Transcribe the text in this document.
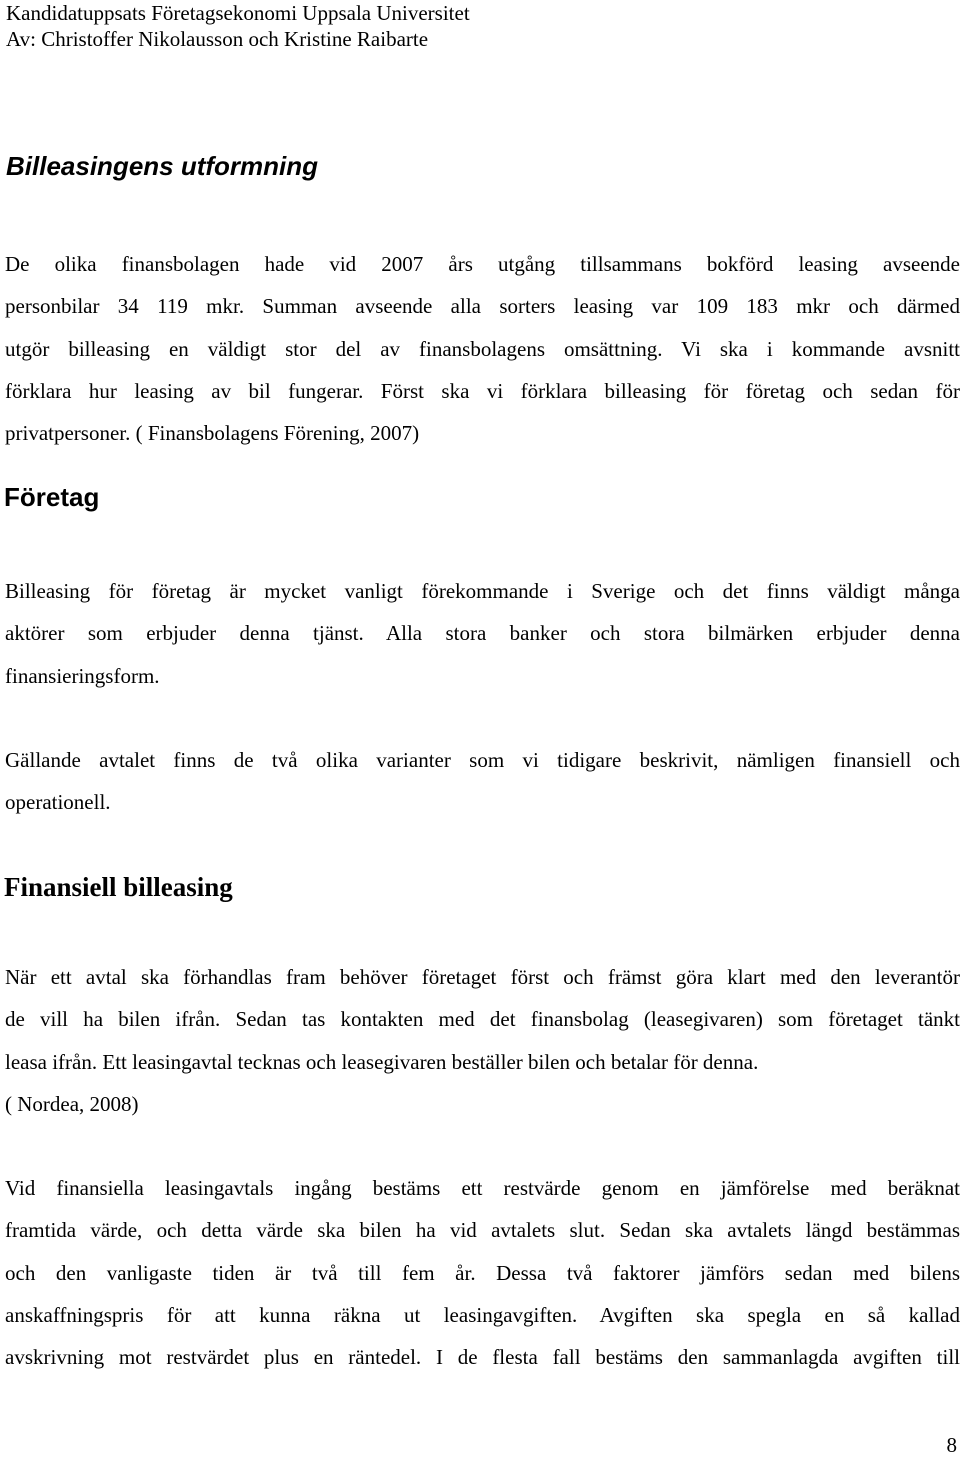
Kandidatuppsats Företagsekonomi Uppsala Universitet
Av: Christoffer Nikolausson och Kristine Raibarte
Billeasingens utformning

De olika finansbolagen hade vid 2007 års utgång tillsammans bokförd leasing avseende
personbilar 34 119 mkr. Summan avseende alla sorters leasing var 109 183 mkr och därmed
utgör billeasing en väldigt stor del av finansbolagens omsättning. Vi ska i kommande avsnitt
förklara hur leasing av bil fungerar. Först ska vi förklara billeasing för företag och sedan för
privatpersoner. ( Finansbolagens Förening, 2007)

Företag

Billeasing för företag är mycket vanligt förekommande i Sverige och det finns väldigt många
aktörer som erbjuder denna tjänst. Alla stora banker och stora bilmärken erbjuder denna
finansieringsform.

Gällande avtalet finns de två olika varianter som vi tidigare beskrivit, nämligen finansiell och
operationell.

Finansiell billeasing

När ett avtal ska förhandlas fram behöver företaget först och främst göra klart med den leverantör
de vill ha bilen ifrån. Sedan tas kontakten med det finansbolag (leasegivaren) som företaget tänkt
leasa ifrån. Ett leasingavtal tecknas och leasegivaren beställer bilen och betalar för denna.
( Nordea, 2008)

Vid finansiella leasingavtals ingång bestäms ett restvärde genom en jämförelse med beräknat
framtida värde, och detta värde ska bilen ha vid avtalets slut. Sedan ska avtalets längd bestämmas
och den vanligaste tiden är två till fem år. Dessa två faktorer jämförs sedan med bilens
anskaffningspris för att kunna räkna ut leasingavgiften. Avgiften ska spegla en så kallad
avskrivning mot restvärdet plus en räntedel. I de flesta fall bestäms den sammanlagda avgiften till

8
